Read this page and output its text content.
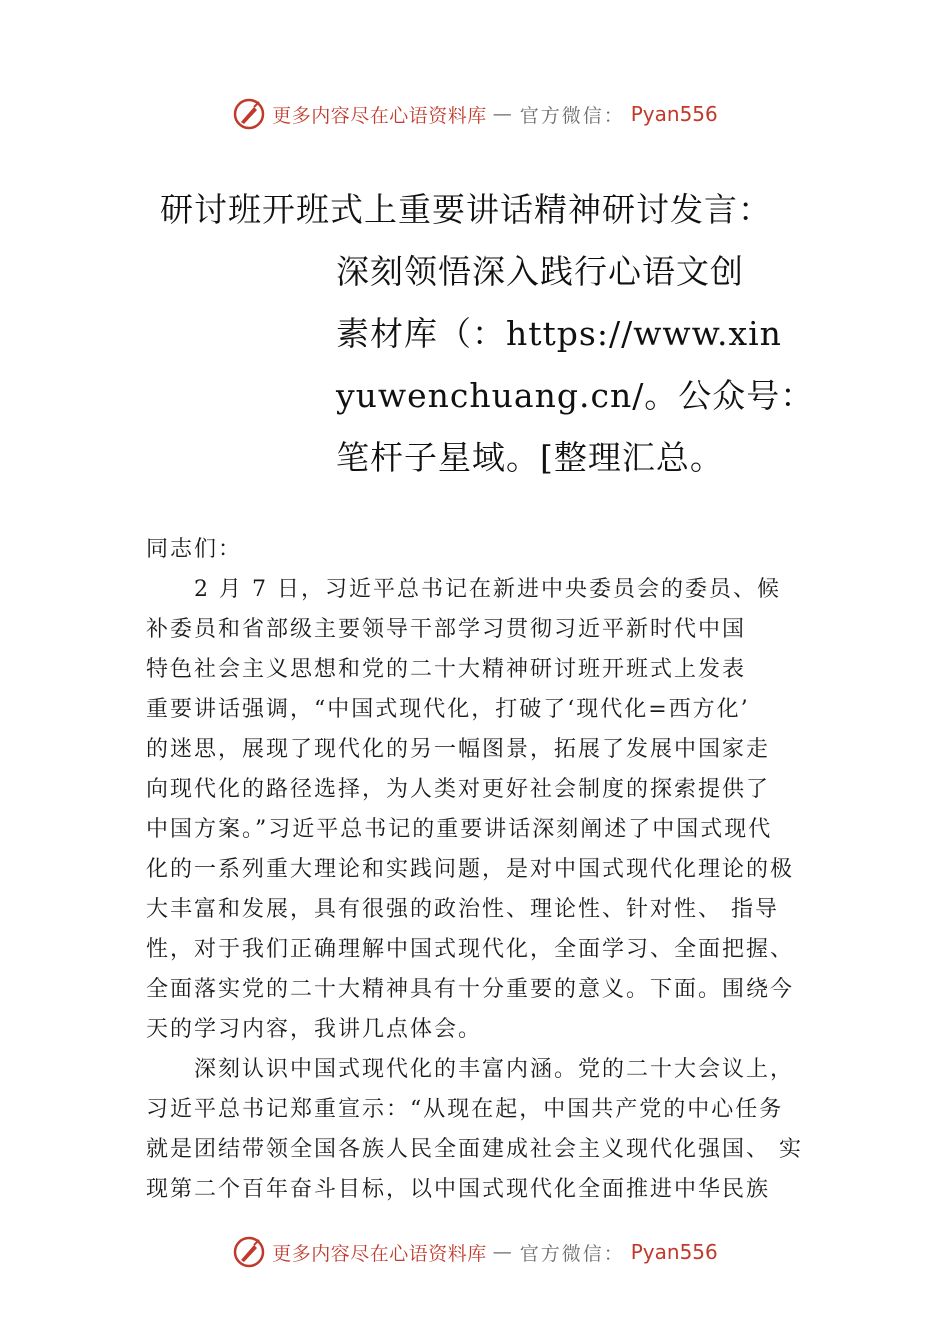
更多内容尽在心语资料库 — 官方微信： Pyan556
研讨班开班式上重要讲话精神研讨发言：
深刻领悟深入践行心语文创
素材库（：https://www.xin
yuwenchuang.cn/。公众号：
笔杆子星域。[整理汇总。
同志们：
2 月 7 日，习近平总书记在新进中央委员会的委员、候
补委员和省部级主要领导干部学习贯彻习近平新时代中国
特色社会主义思想和党的二十大精神研讨班开班式上发表
重要讲话强调，“中国式现代化，打破了‘现代化=西方化’
的迷思，展现了现代化的另一幅图景，拓展了发展中国家走
向现代化的路径选择，为人类对更好社会制度的探索提供了
中国方案。”习近平总书记的重要讲话深刻阐述了中国式现代
化的一系列重大理论和实践问题，是对中国式现代化理论的极
大丰富和发展，具有很强的政治性、理论性、针对性、 指导
性，对于我们正确理解中国式现代化，全面学习、全面把握、
全面落实党的二十大精神具有十分重要的意义。下面。围绕今
天的学习内容，我讲几点体会。
深刻认识中国式现代化的丰富内涵。党的二十大会议上，
习近平总书记郑重宣示：“从现在起，中国共产党的中心任务
就是团结带领全国各族人民全面建成社会主义现代化强国、 实
现第二个百年奋斗目标，以中国式现代化全面推进中华民族
更多内容尽在心语资料库 — 官方微信： Pyan556
